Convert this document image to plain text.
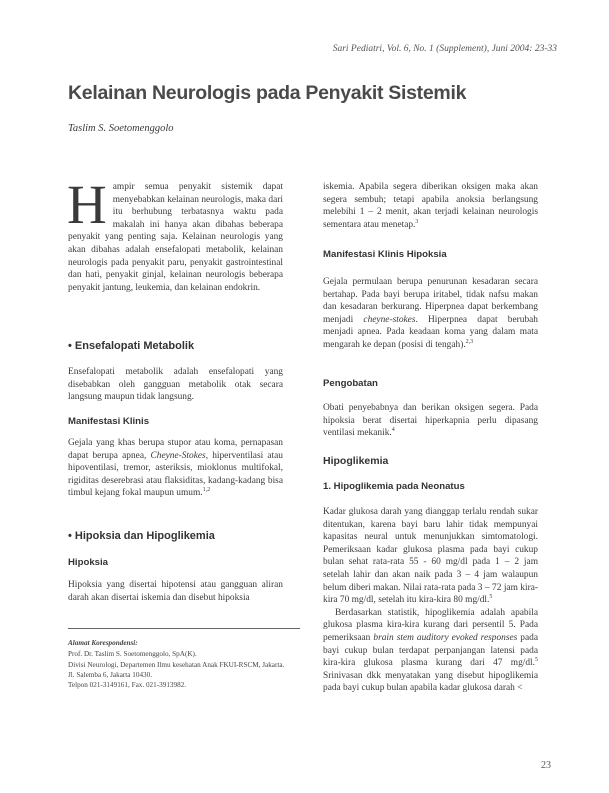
Sari Pediatri, Vol. 6, No. 1 (Supplement), Juni 2004: 23-33
Kelainan Neurologis pada Penyakit Sistemik
Taslim S. Soetomenggolo
H ampir semua penyakit sistemik dapat menyebabkan kelainan neurologis, maka dari itu berhubung terbatasnya waktu pada makalah ini hanya akan dibahas beberapa penyakit yang penting saja. Kelainan neurologis yang akan dibahas adalah ensefalopati metabolik, kelainan neurologis pada penyakit paru, penyakit gastrointestinal dan hati, penyakit ginjal, kelainan neurologis beberapa penyakit jantung, leukemia, dan kelainan endokrin.

• Ensefalopati Metabolik

Ensefalopati metabolik adalah ensefalopati yang disebabkan oleh gangguan metabolik otak secara langsung maupun tidak langsung.

Manifestasi Klinis

Gejala yang khas berupa stupor atau koma, pernapasan dapat berupa apnea, Cheyne-Stokes, hiperventilasi atau hipoventilasi, tremor, asteriksis, mioklonus multifokal, rigiditas deserebrasi atau flaksiditas, kadang-kadang bisa timbul kejang fokal maupun umum.$^{1,2}$

• Hipoksia dan Hipoglikemia
Hipoksia

Hipoksia yang disertai hipotensi atau gangguan aliran darah akan disertai iskemia dan disebut hipoksia

Alamat Korespondensi:
Prof. Dr. Taslim S. Soetomenggolo, SpA(K).
Divisi Neurologi, Departemen Ilmu kesehatan Anak FKUI-RSCM, Jakarta.
Jl. Salemba 6, Jakarta 10430.
Telpon 021-3149161, Fax. 021-3913982.

iskemia. Apabila segera diberikan oksigen maka akan segera sembuh; tetapi apabila anoksia berlangsung melebihi 1 – 2 menit, akan terjadi kelainan neurologis sementara atau menetap.$^3$

Manifestasi Klinis Hipoksia

Gejala permulaan berupa penurunan kesadaran secara bertahap. Pada bayi berupa iritabel, tidak nafsu makan dan kesadaran berkurang. Hiperpnea dapat berkembang menjadi cheyne-stokes. Hiperpnea dapat berubah menjadi apnea. Pada keadaan koma yang dalam mata mengarah ke depan (posisi di tengah).$^{2,3}$

Pengobatan

Obati penyebabnya dan berikan oksigen segera. Pada hipoksia berat disertai hiperkapnia perlu dipasang ventilasi mekanik.$^4$

Hipoglikemia
1. Hipoglikemia pada Neonatus

Kadar glukosa darah yang dianggap terlalu rendah sukar ditentukan, karena bayi baru lahir tidak mempunyai kapasitas neural untuk menunjukkan simtomatologi. Pemeriksaan kadar glukosa plasma pada bayi cukup bulan sehat rata-rata 55 - 60 mg/dl pada 1 – 2 jam setelah lahir dan akan naik pada 3 – 4 jam walaupun belum diberi makan. Nilai rata-rata pada 3 – 72 jam kira-kira 70 mg/dl, setelah itu kira-kira 80 mg/dl.$^5$

Berdasarkan statistik, hipoglikemia adalah apabila glukosa plasma kira-kira kurang dari persentil 5. Pada pemeriksaan brain stem auditory evoked responses pada bayi cukup bulan terdapat perpanjangan latensi pada kira-kira glukosa plasma kurang dari 47 mg/dl.$^5$ Srinivasan dkk menyatakan yang disebut hipoglikemia pada bayi cukup bulan apabila kadar glukosa darah <

23
